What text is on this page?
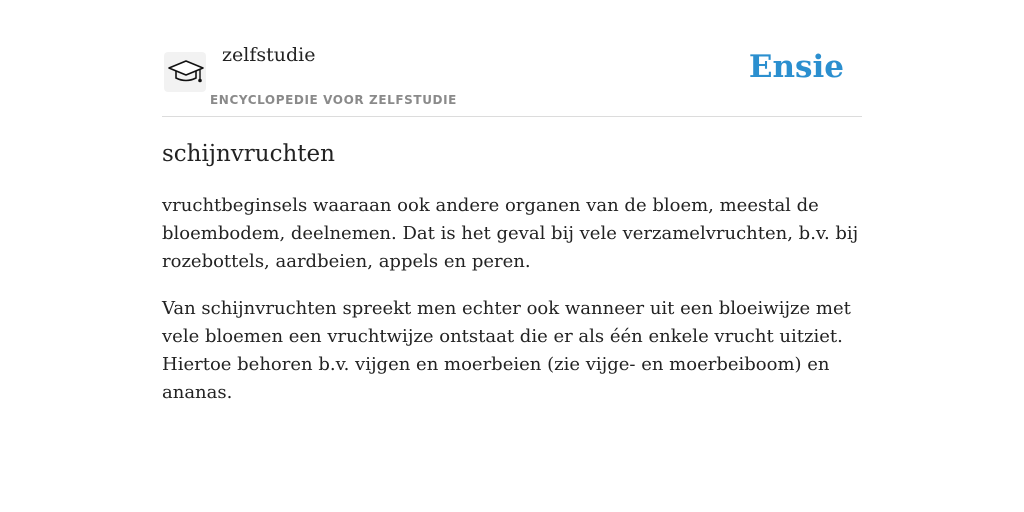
zelfstudie
ENCYCLOPEDIE VOOR ZELFSTUDIE
Ensie
schijnvruchten

vruchtbeginsels waaraan ook andere organen van de bloem, meestal de bloembodem, deelnemen. Dat is het geval bij vele verzamelvruchten, b.v. bij rozebottels, aardbeien, appels en peren.

Van schijnvruchten spreekt men echter ook wanneer uit een bloeiwijze met vele bloemen een vruchtwijze ontstaat die er als één enkele vrucht uitziet. Hiertoe behoren b.v. vijgen en moerbeien (zie vijge- en moerbeiboom) en ananas.
